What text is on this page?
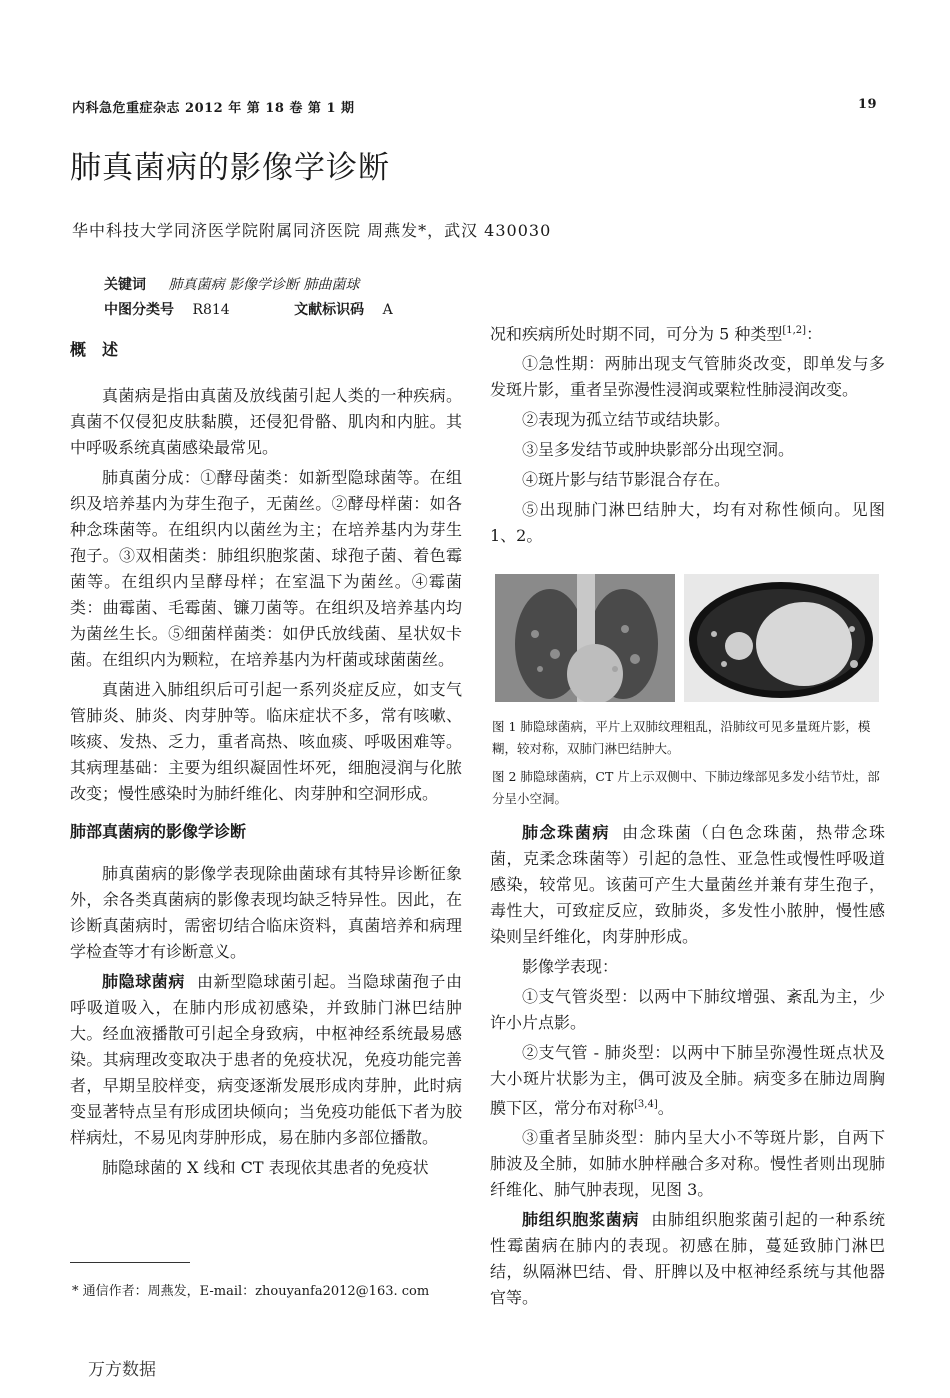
内科急危重症杂志 2012 年 第 18 卷 第 1 期	19
肺真菌病的影像学诊断
华中科技大学同济医学院附属同济医院 周燕发*，武汉 430030
关键词 肺真菌病 影像学诊断 肺曲菌球
中图分类号 R814	文献标识码 A
概　述

真菌病是指由真菌及放线菌引起人类的一种疾病。真菌不仅侵犯皮肤黏膜，还侵犯骨骼、肌肉和内脏。其中呼吸系统真菌感染最常见。

肺真菌分成：①酵母菌类：如新型隐球菌等。在组织及培养基内为芽生孢子，无菌丝。②酵母样菌：如各种念珠菌等。在组织内以菌丝为主；在培养基内为芽生孢子。③双相菌类：肺组织胞浆菌、球孢子菌、着色霉菌等。在组织内呈酵母样；在室温下为菌丝。④霉菌类：曲霉菌、毛霉菌、镰刀菌等。在组织及培养基内均为菌丝生长。⑤细菌样菌类：如伊氏放线菌、星状奴卡菌。在组织内为颗粒，在培养基内为杆菌或球菌菌丝。

真菌进入肺组织后可引起一系列炎症反应，如支气管肺炎、肺炎、肉芽肿等。临床症状不多，常有咳嗽、咳痰、发热、乏力，重者高热、咳血痰、呼吸困难等。其病理基础：主要为组织凝固性坏死，细胞浸润与化脓改变；慢性感染时为肺纤维化、肉芽肿和空洞形成。

肺部真菌病的影像学诊断

肺真菌病的影像学表现除曲菌球有其特异诊断征象外，余各类真菌病的影像表现均缺乏特异性。因此，在诊断真菌病时，需密切结合临床资料，真菌培养和病理学检查等才有诊断意义。

肺隐球菌病 由新型隐球菌引起。当隐球菌孢子由呼吸道吸入，在肺内形成初感染，并致肺门淋巴结肿大。经血液播散可引起全身致病，中枢神经系统最易感染。其病理改变取决于患者的免疫状况，免疫功能完善者，早期呈胶样变，病变逐渐发展形成肉芽肿，此时病变显著特点呈有形成团块倾向；当免疫功能低下者为胶样病灶，不易见肉芽肿形成，易在肺内多部位播散。

肺隐球菌的 X 线和 CT 表现依其患者的免疫状

* 通信作者：周燕发，E-mail：zhouyanfa2012@163. com

况和疾病所处时期不同，可分为 5 种类型[1,2]：

①急性期：两肺出现支气管肺炎改变，即单发与多发斑片影，重者呈弥漫性浸润或粟粒性肺浸润改变。

②表现为孤立结节或结块影。

③呈多发结节或肿块影部分出现空洞。

④斑片影与结节影混合存在。

⑤出现肺门淋巴结肿大，均有对称性倾向。见图 1、2。

图 1 肺隐球菌病，平片上双肺纹理粗乱，沿肺纹可见多量斑片影，模糊，较对称，双肺门淋巴结肿大。

图 2 肺隐球菌病，CT 片上示双侧中、下肺边缘部见多发小结节灶，部分呈小空洞。

肺念珠菌病 由念珠菌（白色念珠菌，热带念珠菌，克柔念珠菌等）引起的急性、亚急性或慢性呼吸道感染，较常见。该菌可产生大量菌丝并兼有芽生孢子，毒性大，可致症反应，致肺炎，多发性小脓肿，慢性感染则呈纤维化，肉芽肿形成。

影像学表现：

①支气管炎型：以两中下肺纹增强、紊乱为主，少许小片点影。

②支气管 - 肺炎型：以两中下肺呈弥漫性斑点状及大小斑片状影为主，偶可波及全肺。病变多在肺边周胸膜下区，常分布对称[3,4]。

③重者呈肺炎型：肺内呈大小不等斑片影，自两下肺波及全肺，如肺水肿样融合多对称。慢性者则出现肺纤维化、肺气肿表现，见图 3。

肺组织胞浆菌病 由肺组织胞浆菌引起的一种系统性霉菌病在肺内的表现。初感在肺，蔓延致肺门淋巴结，纵隔淋巴结、骨、肝脾以及中枢神经系统与其他器官等。

万方数据
